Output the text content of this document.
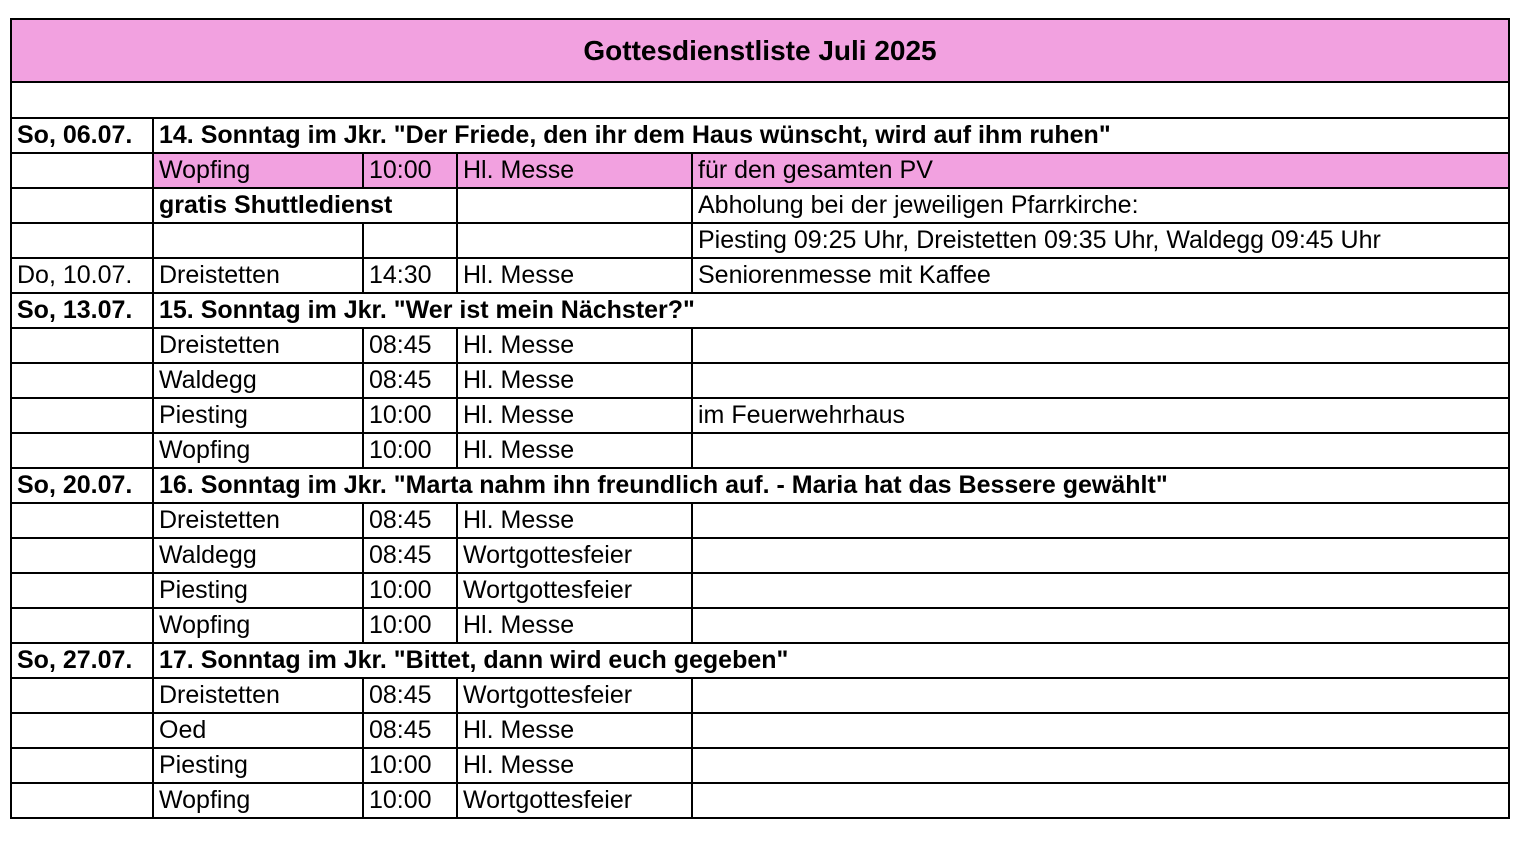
Gottesdienstliste Juli 2025				

So, 06.07.	14. Sonntag im Jkr. "Der Friede, den ihr dem Haus wünscht, wird auf ihm ruhen"			
	Wopfing	10:00	Hl. Messe	für den gesamten PV
	gratis Shuttledienst			Abholung bei der jeweiligen Pfarrkirche:
				Piesting 09:25 Uhr, Dreistetten 09:35 Uhr, Waldegg 09:45 Uhr
Do, 10.07.	Dreistetten	14:30	Hl. Messe	Seniorenmesse mit Kaffee
So, 13.07.	15. Sonntag im Jkr. "Wer ist mein Nächster?"			
	Dreistetten	08:45	Hl. Messe	
	Waldegg	08:45	Hl. Messe	
	Piesting	10:00	Hl. Messe	im Feuerwehrhaus
	Wopfing	10:00	Hl. Messe	
So, 20.07.	16. Sonntag im Jkr. "Marta nahm ihn freundlich auf. - Maria hat das Bessere gewählt"			
	Dreistetten	08:45	Hl. Messe	
	Waldegg	08:45	Wortgottesfeier	
	Piesting	10:00	Wortgottesfeier	
	Wopfing	10:00	Hl. Messe	
So, 27.07.	17. Sonntag im Jkr. "Bittet, dann wird euch gegeben"			
	Dreistetten	08:45	Wortgottesfeier	
	Oed	08:45	Hl. Messe	
	Piesting	10:00	Hl. Messe	
	Wopfing	10:00	Wortgottesfeier	
